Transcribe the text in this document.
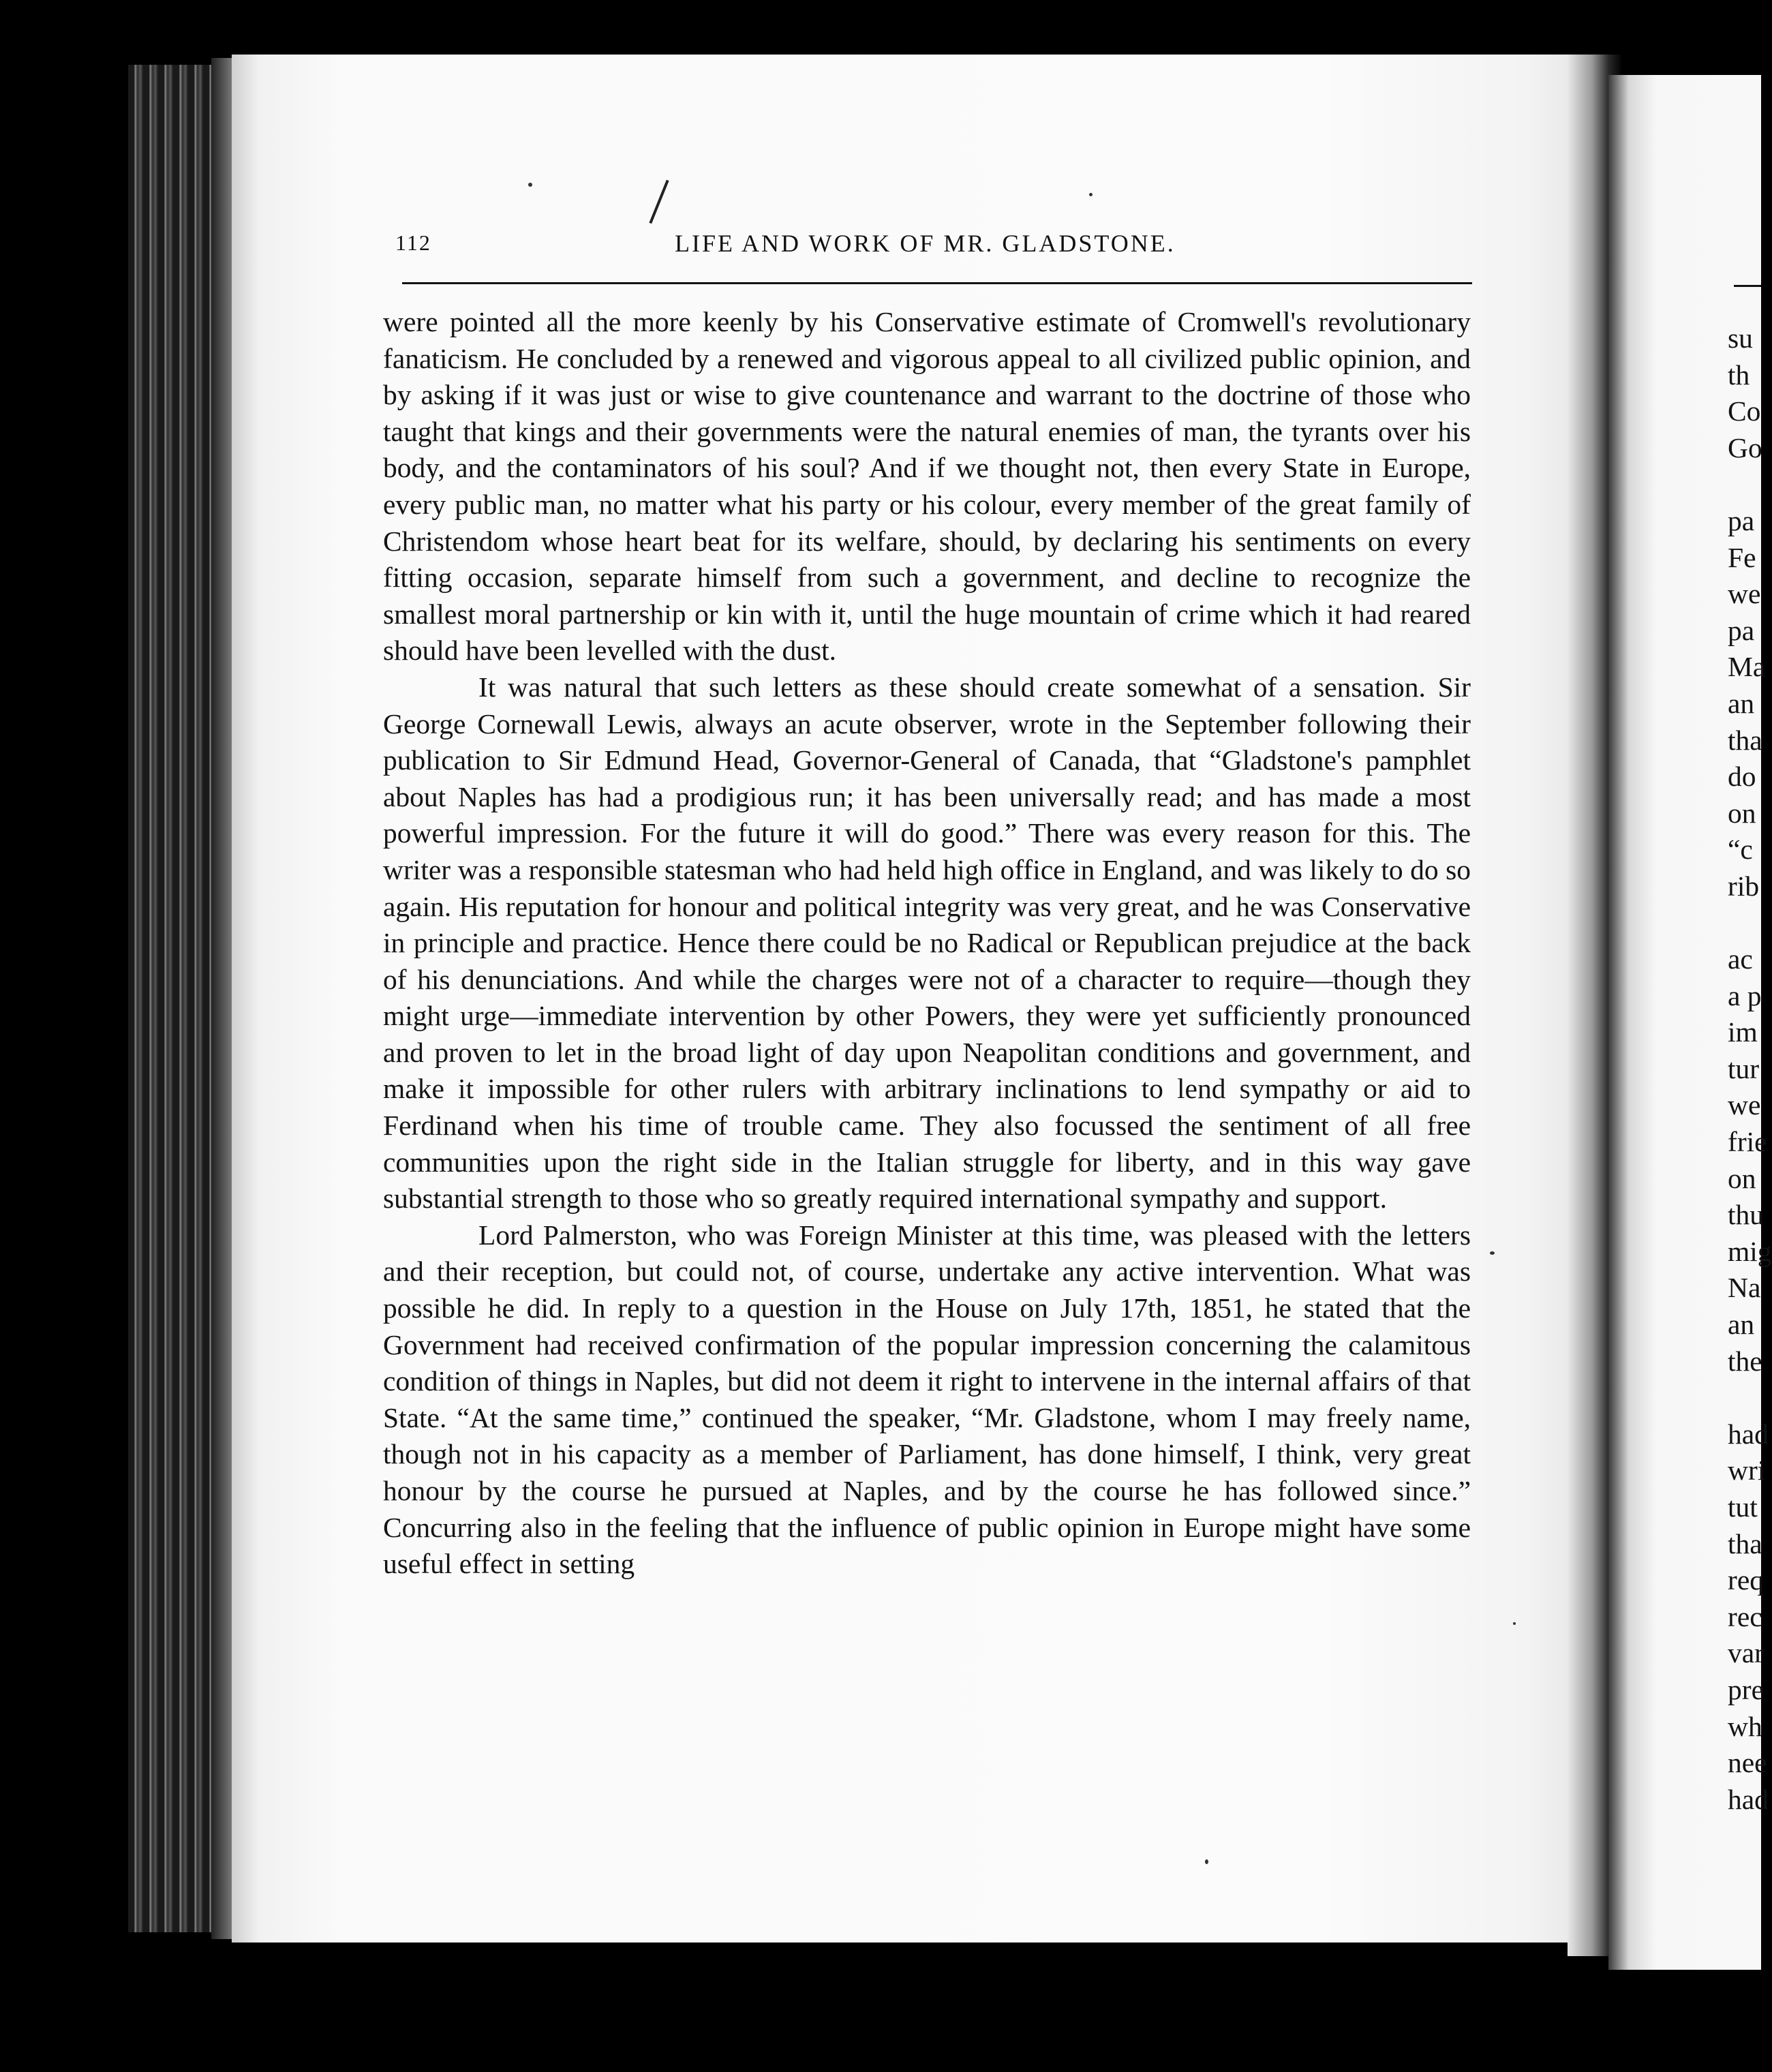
112	LIFE AND WORK OF MR. GLADSTONE.

were pointed all the more keenly by his Conservative estimate of Cromwell's revolutionary fanaticism. He concluded by a renewed and vigorous appeal to all civilized public opinion, and by asking if it was just or wise to give countenance and warrant to the doctrine of those who taught that kings and their governments were the natural enemies of man, the tyrants over his body, and the contaminators of his soul? And if we thought not, then every State in Europe, every public man, no matter what his party or his colour, every member of the great family of Christendom whose heart beat for its welfare, should, by declaring his sentiments on every fitting occasion, separate himself from such a government, and decline to recognize the smallest moral partnership or kin with it, until the huge mountain of crime which it had reared should have been levelled with the dust.

It was natural that such letters as these should create somewhat of a sensation. Sir George Cornewall Lewis, always an acute observer, wrote in the September following their publication to Sir Edmund Head, Governor-General of Canada, that “Gladstone's pamphlet about Naples has had a prodigious run; it has been universally read; and has made a most powerful impression. For the future it will do good.” There was every reason for this. The writer was a responsible statesman who had held high office in England, and was likely to do so again. His reputation for honour and political integrity was very great, and he was Conservative in principle and practice. Hence there could be no Radical or Republican prejudice at the back of his denunciations. And while the charges were not of a character to require—though they might urge—immediate intervention by other Powers, they were yet sufficiently pronounced and proven to let in the broad light of day upon Neapolitan conditions and government, and make it impossible for other rulers with arbitrary inclinations to lend sympathy or aid to Ferdinand when his time of trouble came. They also focussed the sentiment of all free communities upon the right side in the Italian struggle for liberty, and in this way gave substantial strength to those who so greatly required international sympathy and support.

Lord Palmerston, who was Foreign Minister at this time, was pleased with the letters and their reception, but could not, of course, undertake any active intervention. What was possible he did. In reply to a question in the House on July 17th, 1851, he stated that the Government had received confirmation of the popular impression concerning the calamitous condition of things in Naples, but did not deem it right to intervene in the internal affairs of that State. “At the same time,” continued the speaker, “Mr. Gladstone, whom I may freely name, though not in his capacity as a member of Parliament, has done himself, I think, very great honour by the course he pursued at Naples, and by the course he has followed since.” Concurring also in the feeling that the influence of public opinion in Europe might have some useful effect in setting

su
th
Co
Go

pa
Fe
we
pa
Ma
an
tha
do
on
“c
rib

ac
a p
im
tur
we
frie
on
thu
mig
Na
an
the

had
wri
tut
tha
req
rec
var
pre
wh
nee
had
